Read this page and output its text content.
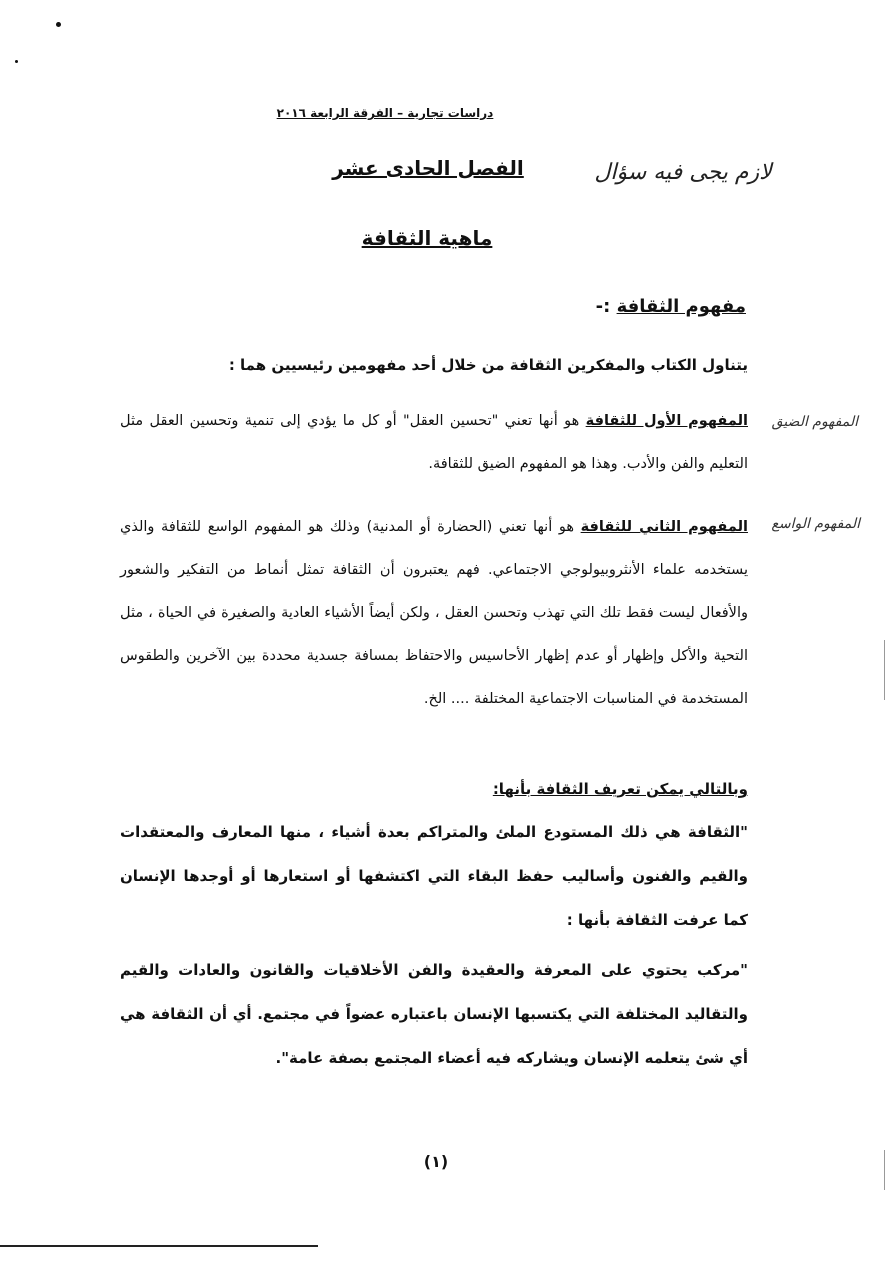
دراسات تجارية – الفرقة الرابعة ٢٠١٦
الفصل الحادى عشر	لازم يجى فيه سؤال
ماهية الثقافة
مفهوم الثقافة :-
يتناول الكتاب والمفكرين الثقافة من خلال أحد مفهومين رئيسيين هما :
المفهوم الضيق
المفهوم الأول للثقافة هو أنها تعني "تحسين العقل" أو كل ما يؤدي إلى تنمية وتحسين العقل مثل التعليم والفن والأدب. وهذا هو المفهوم الضيق للثقافة.
المفهوم الواسع
المفهوم الثاني للثقافة هو أنها تعني (الحضارة أو المدنية) وذلك هو المفهوم الواسع للثقافة والذي يستخدمه علماء الأنثروبيولوجي الاجتماعي. فهم يعتبرون أن الثقافة تمثل أنماط من التفكير والشعور والأفعال ليست فقط تلك التي تهذب وتحسن العقل ، ولكن أيضاً الأشياء العادية والصغيرة في الحياة ، مثل التحية والأكل وإظهار أو عدم إظهار الأحاسيس والاحتفاظ بمسافة جسدية محددة بين الآخرين والطقوس المستخدمة في المناسبات الاجتماعية المختلفة .... الخ.
وبالتالي يمكن تعريف الثقافة بأنها:
"الثقافة هي ذلك المستودع الملئ والمتراكم بعدة أشياء ، منها المعارف والمعتقدات والقيم والفنون وأساليب حفظ البقاء التي اكتشفها أو استعارها أو أوجدها الإنسان كما عرفت الثقافة بأنها :
"مركب يحتوي على المعرفة والعقيدة والفن الأخلاقيات والقانون والعادات والقيم والتقاليد المختلفة التي يكتسبها الإنسان باعتباره عضواً في مجتمع. أي أن الثقافة هي أي شئ يتعلمه الإنسان ويشاركه فيه أعضاء المجتمع بصفة عامة".
(١)
